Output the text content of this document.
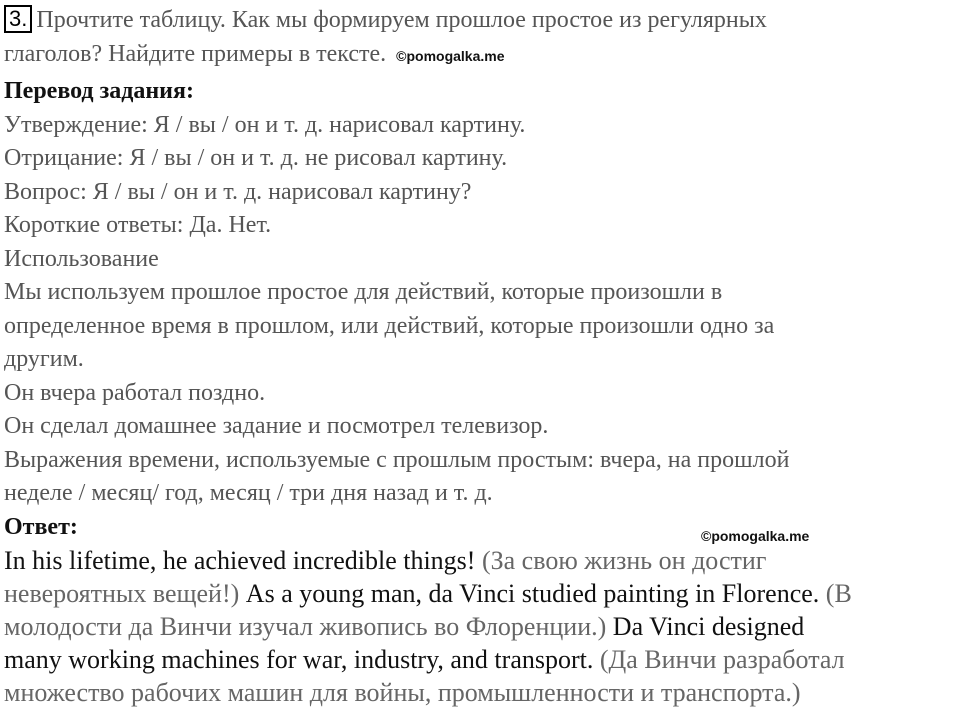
3. Прочтите таблицу. Как мы формируем прошлое простое из регулярных

глаголов? Найдите примеры в тексте. ©pomogalka.me

Перевод задания:

Утверждение: Я / вы / он и т. д. нарисовал картину.

Отрицание: Я / вы / он и т. д. не рисовал картину.

Вопрос: Я / вы / он и т. д. нарисовал картину?

Короткие ответы: Да. Нет.

Использование

Мы используем прошлое простое для действий, которые произошли в

определенное время в прошлом, или действий, которые произошли одно за

другим.

Он вчера работал поздно.

Он сделал домашнее задание и посмотрел телевизор.

Выражения времени, используемые с прошлым простым: вчера, на прошлой

неделе / месяц/ год, месяц / три дня назад и т. д.

Ответ:	©pomogalka.me

In his lifetime, he achieved incredible things! (За свою жизнь он достиг

невероятных вещей!) As a young man, da Vinci studied painting in Florence. (В

молодости да Винчи изучал живопись во Флоренции.) Da Vinci designed

many working machines for war, industry, and transport. (Да Винчи разработал

множество рабочих машин для войны, промышленности и транспорта.)
